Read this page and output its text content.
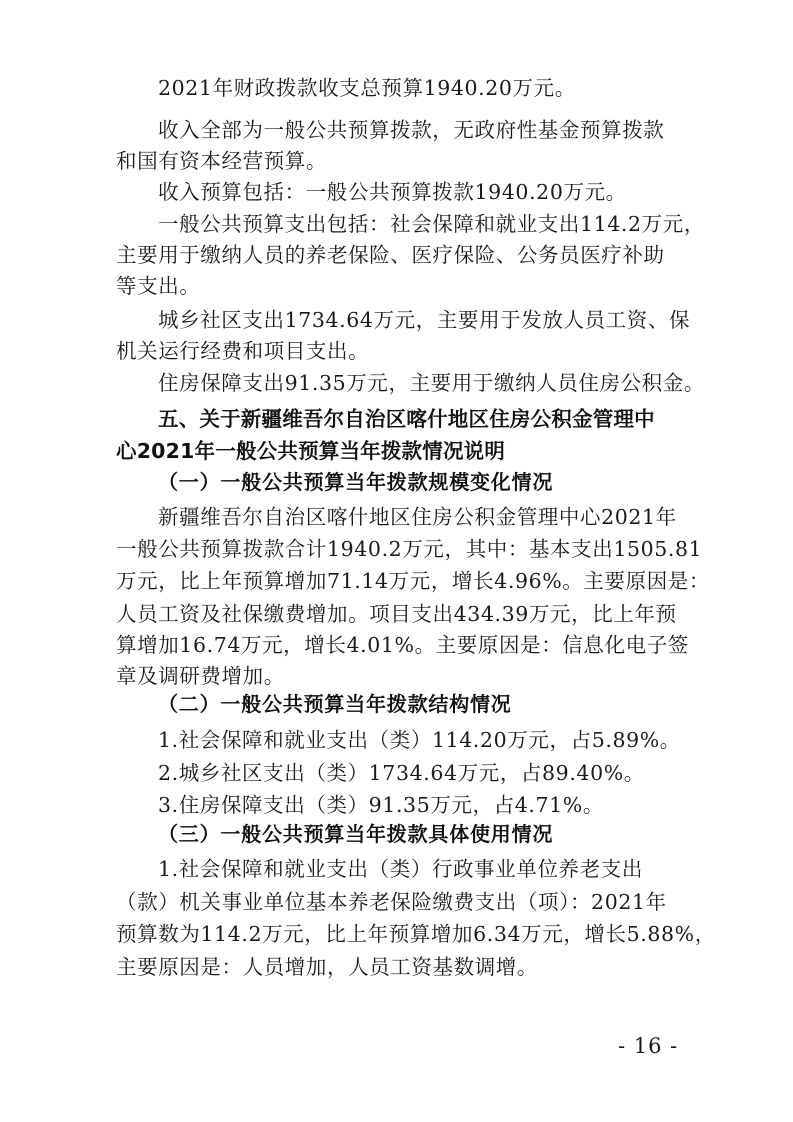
2021年财政拨款收支总预算1940.20万元。

收入全部为一般公共预算拨款，无政府性基金预算拨款

和国有资本经营预算。

收入预算包括：一般公共预算拨款1940.20万元。

一般公共预算支出包括：社会保障和就业支出114.2万元，

主要用于缴纳人员的养老保险、医疗保险、公务员医疗补助

等支出。

城乡社区支出1734.64万元，主要用于发放人员工资、保

机关运行经费和项目支出。

住房保障支出91.35万元，主要用于缴纳人员住房公积金。

五、关于新疆维吾尔自治区喀什地区住房公积金管理中

心2021年一般公共预算当年拨款情况说明

（一）一般公共预算当年拨款规模变化情况

新疆维吾尔自治区喀什地区住房公积金管理中心2021年

一般公共预算拨款合计1940.2万元，其中：基本支出1505.81

万元，比上年预算增加71.14万元，增长4.96%。主要原因是：

人员工资及社保缴费增加。项目支出434.39万元，比上年预

算增加16.74万元，增长4.01%。主要原因是：信息化电子签

章及调研费增加。

（二）一般公共预算当年拨款结构情况

1.社会保障和就业支出（类）114.20万元，占5.89%。

2.城乡社区支出（类）1734.64万元，占89.40%。

3.住房保障支出（类）91.35万元，占4.71%。

（三）一般公共预算当年拨款具体使用情况

1.社会保障和就业支出（类）行政事业单位养老支出

（款）机关事业单位基本养老保险缴费支出（项）：2021年

预算数为114.2万元，比上年预算增加6.34万元，增长5.88%，

主要原因是：人员增加，人员工资基数调增。

- 16 -
